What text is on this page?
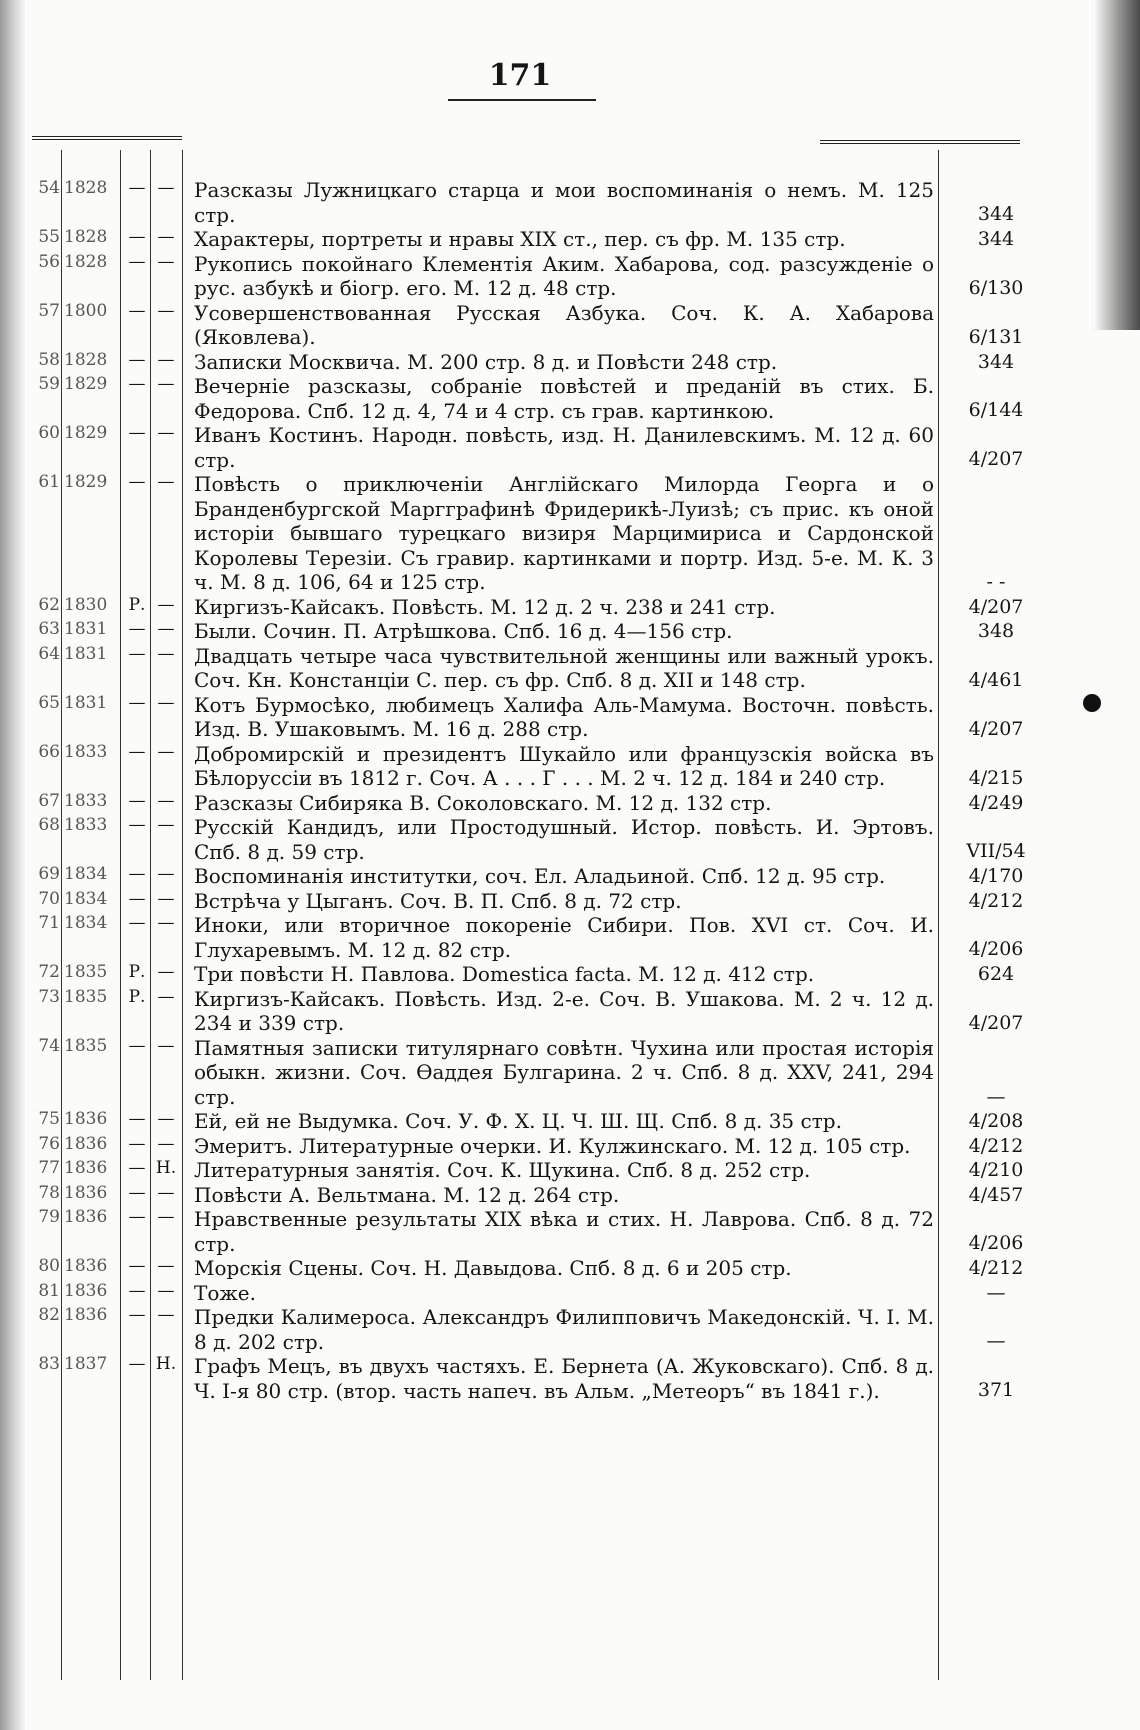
171
54 1828	— — Разсказы Лужницкаго старца и мои воспоминанія о немъ. М. 125 стр.	344
55 1828	— — Характеры, портреты и нравы XIX ст., пер. съ фр. М. 135 стр.	344
56 1828	— — Рукопись покойнаго Клементія Аким. Хабарова, сод. разсужденіе о рус. азбукѣ и біогр. его. М. 12 д. 48 стр.	6/130
57 1800	— — Усовершенствованная Русская Азбука. Соч. К. А. Хабарова (Яковлева).	6/131
58 1828	— — Записки Москвича. М. 200 стр. 8 д. и Повѣсти 248 стр.	344
59 1829	— — Вечерніе разсказы, собраніе повѣстей и преданій въ стих. Б. Федорова. Спб. 12 д. 4, 74 и 4 стр. съ грав. картинкою.	6/144
60 1829	— — Иванъ Костинъ. Народн. повѣсть, изд. Н. Данилевскимъ. М. 12 д. 60 стр.	4/207
61 1829	— — Повѣсть о приключеніи Англійскаго Милорда Георга и о Бранденбургской Маргграфинѣ Фридерикѣ-Луизѣ; съ прис. къ оной исторіи бывшаго турецкаго визиря Марцимириса и Сардонской Королевы Терезіи. Съ гравир. картинками и портр. Изд. 5-е. М. К. 3 ч. М. 8 д. 106, 64 и 125 стр.	- -
62 1830	Р. — Киргизъ-Кайсакъ. Повѣсть. М. 12 д. 2 ч. 238 и 241 стр.	4/207
63 1831	— — Были. Сочин. П. Атрѣшкова. Спб. 16 д. 4—156 стр.	348
64 1831	— — Двадцать четыре часа чувствительной женщины или важный урокъ. Соч. Кн. Констанціи С. пер. съ фр. Спб. 8 д. XII и 148 стр.	4/461
65 1831	— — Котъ Бурмосѣко, любимецъ Халифа Аль-Мамума. Восточн. повѣсть. Изд. В. Ушаковымъ. М. 16 д. 288 стр.	4/207
66 1833	— — Добромирскій и президентъ Шукайло или французскія войска въ Бѣлоруссіи въ 1812 г. Соч. А . . . Г . . . М. 2 ч. 12 д. 184 и 240 стр.	4/215
67 1833	— — Разсказы Сибиряка В. Соколовскаго. М. 12 д. 132 стр.	4/249
68 1833	— — Русскій Кандидъ, или Простодушный. Истор. повѣсть. И. Эртовъ. Спб. 8 д. 59 стр.	VII/54
69 1834	— — Воспоминанія институтки, соч. Ел. Аладьиной. Спб. 12 д. 95 стр.	4/170
70 1834	— — Встрѣча у Цыганъ. Соч. В. П. Спб. 8 д. 72 стр.	4/212
71 1834	— — Иноки, или вторичное покореніе Сибири. Пов. XVI ст. Соч. И. Глухаревымъ. М. 12 д. 82 стр.	4/206
72 1835	Р. — Три повѣсти Н. Павлова. Domestica facta. М. 12 д. 412 стр.	624
73 1835	Р. — Киргизъ-Кайсакъ. Повѣсть. Изд. 2-е. Соч. В. Ушакова. М. 2 ч. 12 д. 234 и 339 стр.	4/207
74 1835	— — Памятныя записки титулярнаго совѣтн. Чухина или простая исторія обыкн. жизни. Соч. Өаддея Булгарина. 2 ч. Спб. 8 д. XXV, 241, 294 стр.	—
75 1836	— — Ей, ей не Выдумка. Соч. У. Ф. Х. Ц. Ч. Ш. Щ. Спб. 8 д. 35 стр.	4/208
76 1836	— — Эмеритъ. Литературные очерки. И. Кулжинскаго. М. 12 д. 105 стр.	4/212
77 1836	— Н. Литературныя занятія. Соч. К. Щукина. Спб. 8 д. 252 стр.	4/210
78 1836	— — Повѣсти А. Вельтмана. М. 12 д. 264 стр.	4/457
79 1836	— — Нравственные результаты XIX вѣка и стих. Н. Лаврова. Спб. 8 д. 72 стр.	4/206
80 1836	— — Морскія Сцены. Соч. Н. Давыдова. Спб. 8 д. 6 и 205 стр.	4/212
81 1836	— — Тоже.	—
82 1836	— — Предки Калимероса. Александръ Филипповичъ Македонскій. Ч. I. М. 8 д. 202 стр.	—
83 1837	— Н. Графъ Мецъ, въ двухъ частяхъ. Е. Бернета (А. Жуковскаго). Спб. 8 д. Ч. I-я 80 стр. (втор. часть напеч. въ Альм. „Метеоръ“ въ 1841 г.).	371
